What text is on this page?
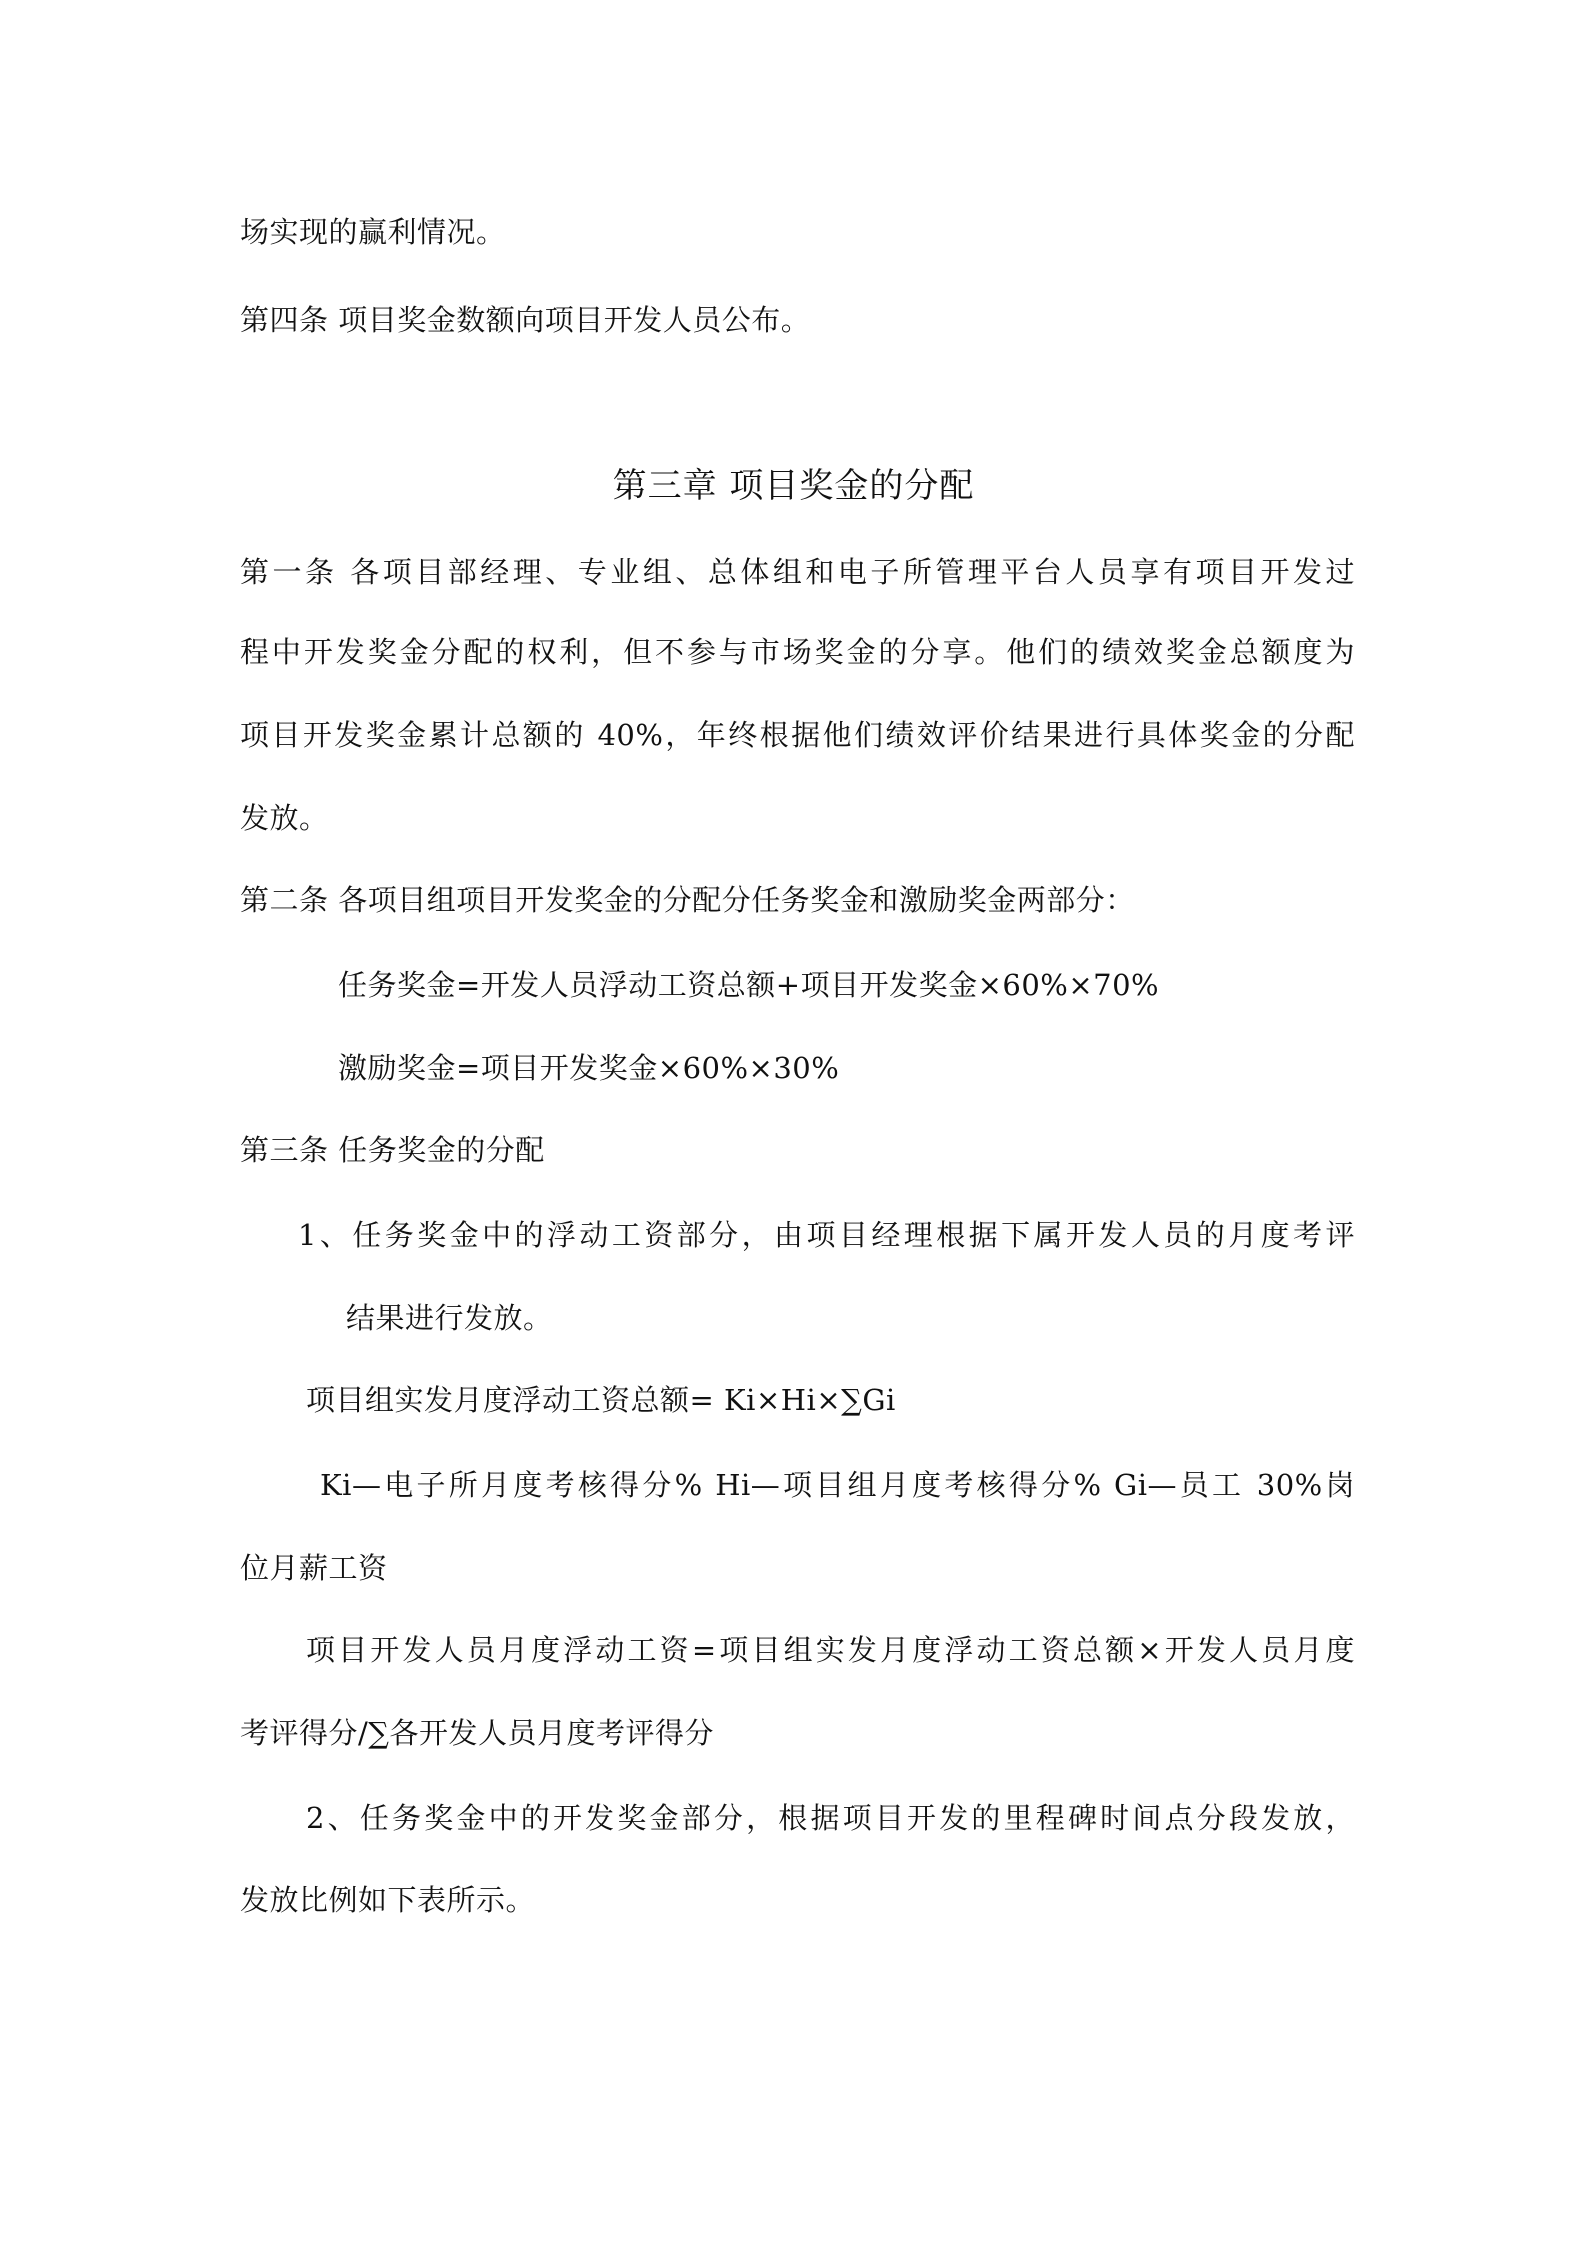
场实现的赢利情况。
第四条 项目奖金数额向项目开发人员公布。
第三章 项目奖金的分配
第一条 各项目部经理、专业组、总体组和电子所管理平台人员享有项目开发过
程中开发奖金分配的权利，但不参与市场奖金的分享。他们的绩效奖金总额度为
项目开发奖金累计总额的 40%，年终根据他们绩效评价结果进行具体奖金的分配
发放。
第二条 各项目组项目开发奖金的分配分任务奖金和激励奖金两部分：
任务奖金=开发人员浮动工资总额+项目开发奖金×60%×70%
激励奖金=项目开发奖金×60%×30%
第三条 任务奖金的分配
1、任务奖金中的浮动工资部分，由项目经理根据下属开发人员的月度考评
结果进行发放。
项目组实发月度浮动工资总额= Ki×Hi×∑Gi
Ki—电子所月度考核得分% Hi—项目组月度考核得分% Gi—员工 30%岗
位月薪工资
项目开发人员月度浮动工资=项目组实发月度浮动工资总额×开发人员月度
考评得分/∑各开发人员月度考评得分
2、任务奖金中的开发奖金部分，根据项目开发的里程碑时间点分段发放，
发放比例如下表所示。
